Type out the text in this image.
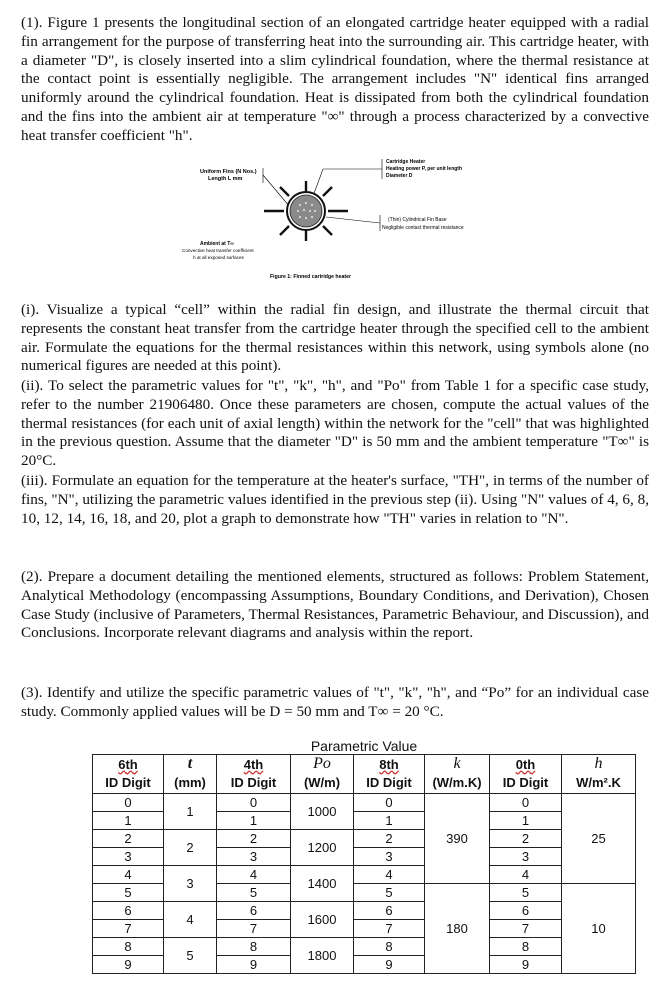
(1). Figure 1 presents the longitudinal section of an elongated cartridge heater equipped with a radial fin arrangement for the purpose of transferring heat into the surrounding air. This cartridge heater, with a diameter "D", is closely inserted into a slim cylindrical foundation, where the thermal resistance at the contact point is essentially negligible. The arrangement includes "N" identical fins arranged uniformly around the cylindrical foundation. Heat is dissipated from both the cylindrical foundation and the fins into the ambient air at temperature "∞" through a process characterized by a convective heat transfer coefficient "h".

Uniform Fins (N Nos.)
Length L mm
Cartridge Heater
Heating power P, per unit length
Diameter D
(Thin) Cylindrical Fin Base
Negligible contact thermal resistance
Ambient at T∞
Convective heat transfer coefficient
h at all exposed surfaces
Figure 1: Finned cartridge heater

(i). Visualize a typical “cell” within the radial fin design, and illustrate the thermal circuit that represents the constant heat transfer from the cartridge heater through the specified cell to the ambient air. Formulate the equations for the thermal resistances within this network, using symbols alone (no numerical figures are needed at this point).

(ii). To select the parametric values for "t", "k", "h", and "Po" from Table 1 for a specific case study, refer to the number 21906480. Once these parameters are chosen, compute the actual values of the thermal resistances (for each unit of axial length) within the network for the "cell" that was highlighted in the previous question. Assume that the diameter "D" is 50 mm and the ambient temperature "T∞" is 20°C.

(iii). Formulate an equation for the temperature at the heater's surface, "TH", in terms of the number of fins, "N", utilizing the parametric values identified in the previous step (ii). Using "N" values of 4, 6, 8, 10, 12, 14, 16, 18, and 20, plot a graph to demonstrate how "TH" varies in relation to "N".

(2). Prepare a document detailing the mentioned elements, structured as follows: Problem Statement, Analytical Methodology (encompassing Assumptions, Boundary Conditions, and Derivation), Chosen Case Study (inclusive of Parameters, Thermal Resistances, Parametric Behaviour, and Discussion), and Conclusions. Incorporate relevant diagrams and analysis within the report.

(3). Identify and utilize the specific parametric values of "t", "k", "h", and “Po” for an individual case study. Commonly applied values will be D = 50 mm and T∞ = 20 °C.

Parametric Value							
6th	t	4th	Po	8th	k	0th	h
ID Digit	(mm)	ID Digit	(W/m)	ID Digit	(W/m.K)	ID Digit	W/m².K
0	1	0	1000	0	390	0	25
1		1		1		1	
2	2	2	1200	2		2	
3		3		3		3	
4	3	4	1400	4		4	
5		5		5	180	5	10
6	4	6	1600	6		6	
7		7		7		7	
8	5	8	1800	8		8	
9		9		9		9	
